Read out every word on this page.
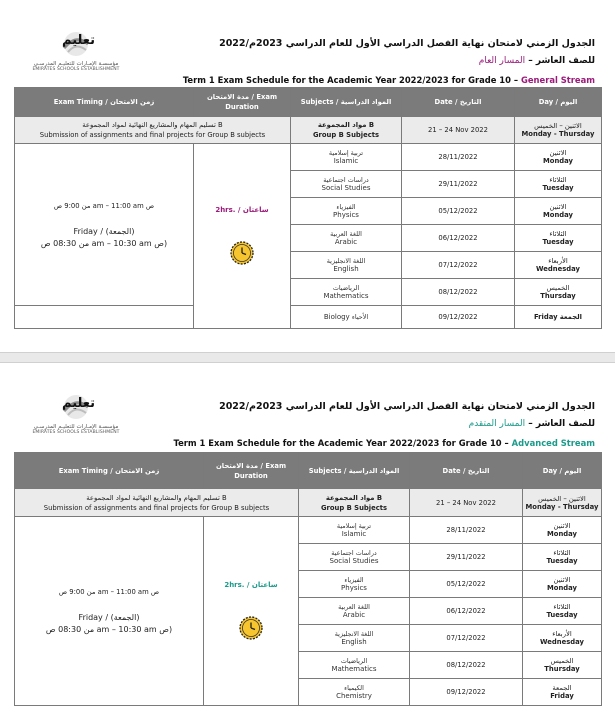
تعليم
مؤسسـة الإمـارات للتعليـم المدرسـي
EMIRATES SCHOOLS ESTABLISHMENT
الجدول الزمني لامتحان نهاية الفصل الدراسي الأول للعام الدراسي 2023م/2022
للصف العاشر – المسار العام
Term 1 Exam Schedule for the Academic Year 2022/2023 for Grade 10 – General Stream
Exam Timing / زمن الامتحان	مدة الامتحان / Exam
Duration	Subjects / المواد الدراسية	Date / التاريخ	Day / اليوم

تسليم المهام والمشاريع النهائية لمواد المجموعة B
Submission of assignments and final projects for Group B subjects		مواد المجموعة B
Group B Subjects	21 – 24 Nov 2022	الاثنين – الخميس
Monday - Thursday

من 9:00 ص am – 11:00 am ص
Friday / (الجمعة)
من 08:30 ص am – 10:30 am ص)	2hrs. / ساعتان	تربية إسلامية
Islamic	28/11/2022	الاثنين
Monday

		دراسات اجتماعية
Social Studies	29/11/2022	الثلاثاء
Tuesday

		الفيزياء
Physics	05/12/2022	الاثنين
Monday

		اللغة العربية
Arabic	06/12/2022	الثلاثاء
Tuesday

		اللغة الانجليزية
English	07/12/2022	الأربعاء
Wednesday

		الرياضيات
Mathematics	08/12/2022	الخميس
Thursday

		Biology الأحياء	09/12/2022	Friday الجمعة
تعليم
مؤسسـة الإمـارات للتعليـم المدرسـي
EMIRATES SCHOOLS ESTABLISHMENT
الجدول الزمني لامتحان نهاية الفصل الدراسي الأول للعام الدراسي 2023م/2022
للصف العاشر – المسار المتقدم
Term 1 Exam Schedule for the Academic Year 2022/2023 for Grade 10 – Advanced Stream
Exam Timing / زمن الامتحان	مدة الامتحان / Exam
Duration	Subjects / المواد الدراسية	Date / التاريخ	Day / اليوم

تسليم المهام والمشاريع النهائية لمواد المجموعة B
Submission of assignments and final projects for Group B subjects		مواد المجموعة B
Group B Subjects	21 – 24 Nov 2022	الاثنين – الخميس
Monday - Thursday

من 9:00 ص am – 11:00 am ص
Friday / (الجمعة)
من 08:30 ص am – 10:30 am ص)	2hrs. / ساعتان	تربية إسلامية
Islamic	28/11/2022	الاثنين
Monday

		دراسات اجتماعية
Social Studies	29/11/2022	الثلاثاء
Tuesday

		الفيزياء
Physics	05/12/2022	الاثنين
Monday

		اللغة العربية
Arabic	06/12/2022	الثلاثاء
Tuesday

		اللغة الانجليزية
English	07/12/2022	الأربعاء
Wednesday

		الرياضيات
Mathematics	08/12/2022	الخميس
Thursday

		الكيمياء
Chemistry	09/12/2022	الجمعة
Friday
